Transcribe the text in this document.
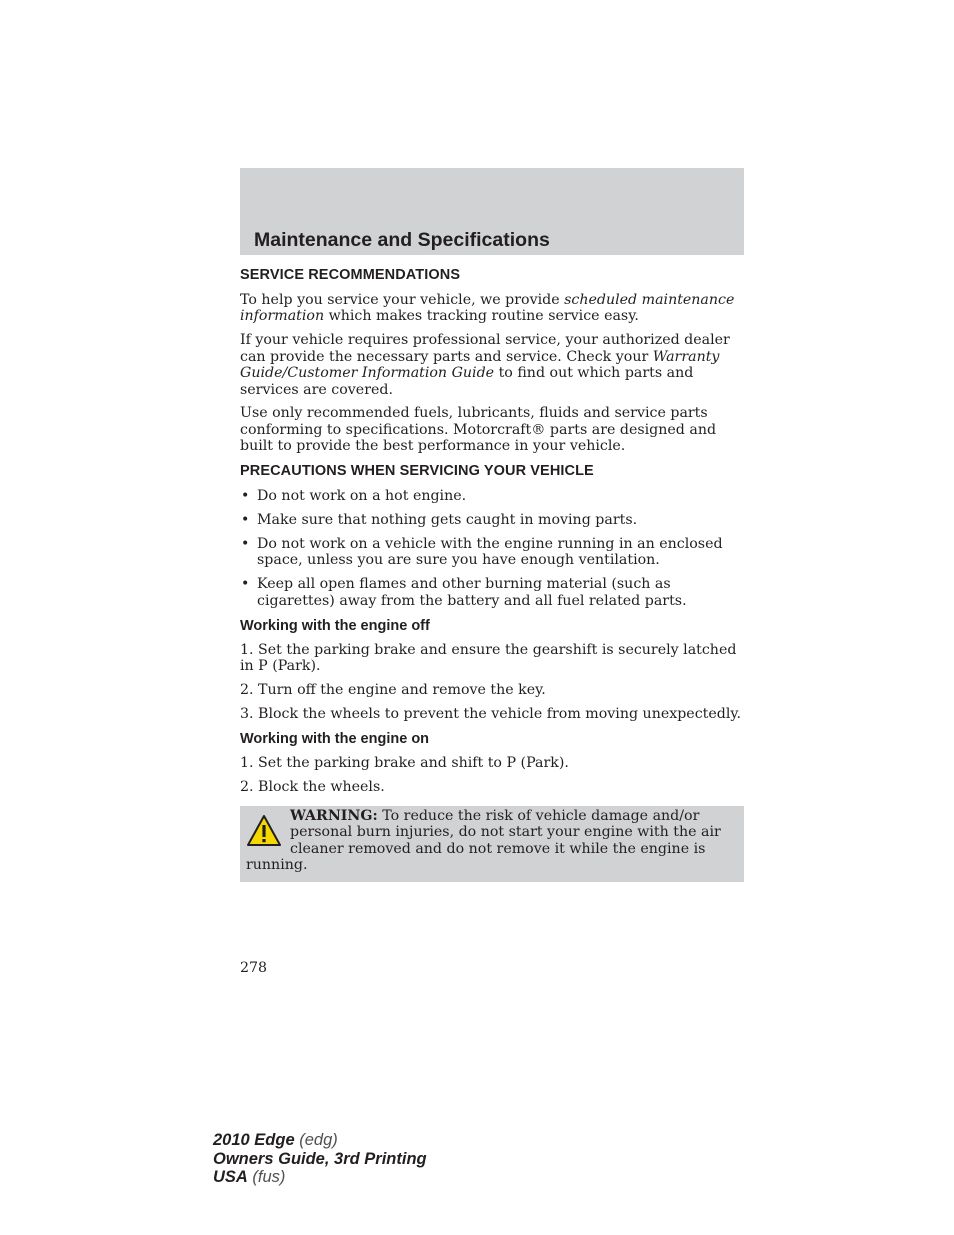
Maintenance and Specifications
SERVICE RECOMMENDATIONS

To help you service your vehicle, we provide scheduled maintenance information which makes tracking routine service easy.

If your vehicle requires professional service, your authorized dealer can provide the necessary parts and service. Check your Warranty Guide/Customer Information Guide to find out which parts and services are covered.

Use only recommended fuels, lubricants, fluids and service parts conforming to specifications. Motorcraft® parts are designed and built to provide the best performance in your vehicle.

PRECAUTIONS WHEN SERVICING YOUR VEHICLE
• Do not work on a hot engine.
• Make sure that nothing gets caught in moving parts.
• Do not work on a vehicle with the engine running in an enclosed space, unless you are sure you have enough ventilation.
• Keep all open flames and other burning material (such as cigarettes) away from the battery and all fuel related parts.
Working with the engine off

1. Set the parking brake and ensure the gearshift is securely latched in P (Park).

2. Turn off the engine and remove the key.

3. Block the wheels to prevent the vehicle from moving unexpectedly.

Working with the engine on

1. Set the parking brake and shift to P (Park).

2. Block the wheels.

WARNING: To reduce the risk of vehicle damage and/or personal burn injuries, do not start your engine with the air cleaner removed and do not remove it while the engine is running.
278
2010 Edge (edg)
Owners Guide, 3rd Printing
USA (fus)
